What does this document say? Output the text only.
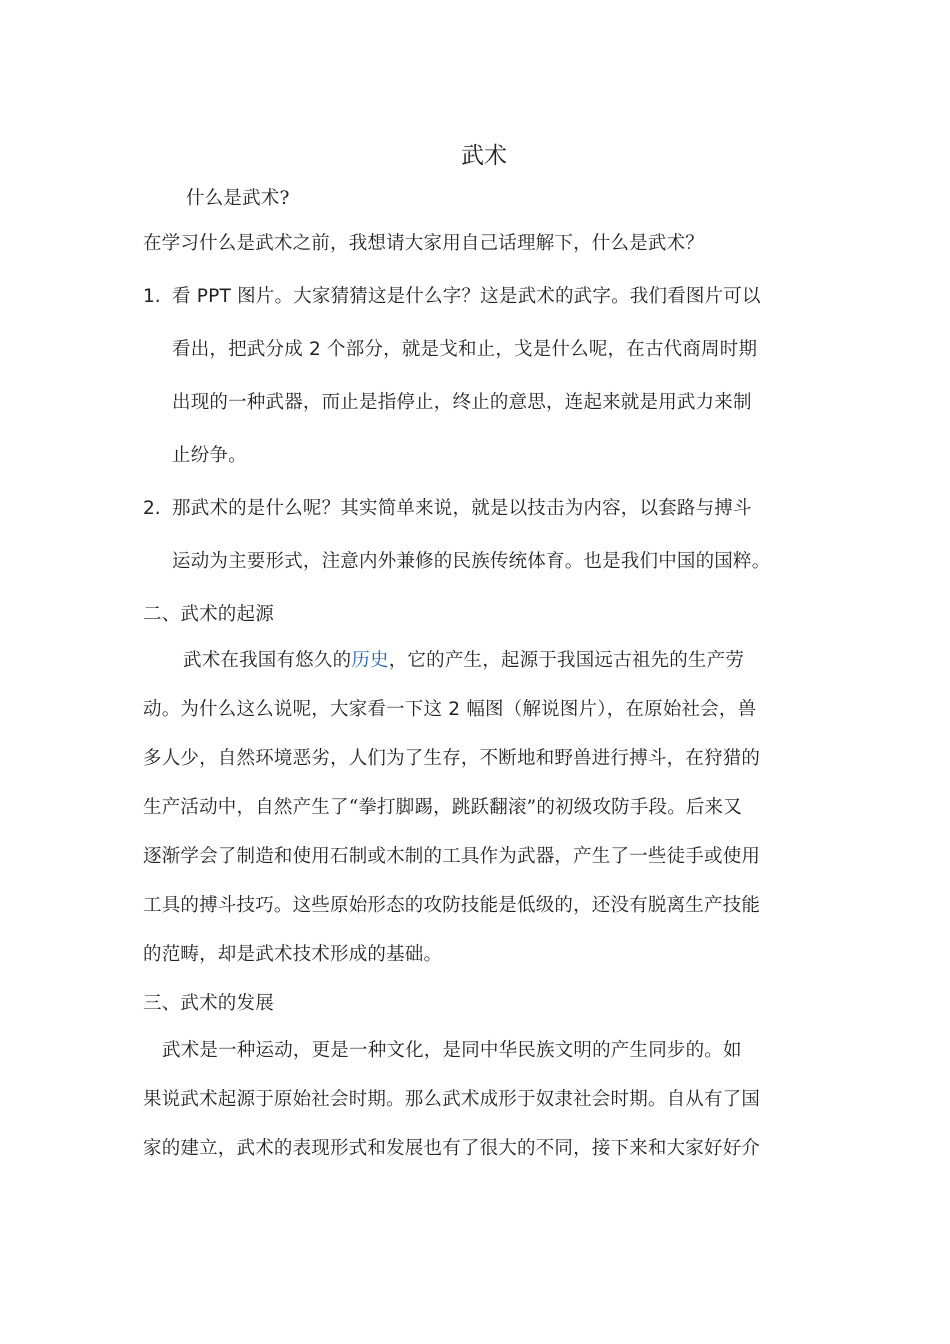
武术
什么是武术?
在学习什么是武术之前，我想请大家用自己话理解下，什么是武术？
1. 看 PPT 图片。大家猜猜这是什么字？这是武术的武字。我们看图片可以
看出，把武分成 2 个部分，就是戈和止，戈是什么呢，在古代商周时期
出现的一种武器，而止是指停止，终止的意思，连起来就是用武力来制
止纷争。
2. 那武术的是什么呢？其实简单来说，就是以技击为内容，以套路与搏斗
运动为主要形式，注意内外兼修的民族传统体育。也是我们中国的国粹。
二、武术的起源
武术在我国有悠久的历史，它的产生，起源于我国远古祖先的生产劳
动。为什么这么说呢，大家看一下这 2 幅图（解说图片），在原始社会，兽
多人少，自然环境恶劣，人们为了生存，不断地和野兽进行搏斗，在狩猎的
生产活动中，自然产生了“拳打脚踢，跳跃翻滚”的初级攻防手段。后来又
逐渐学会了制造和使用石制或木制的工具作为武器，产生了一些徒手或使用
工具的搏斗技巧。这些原始形态的攻防技能是低级的，还没有脱离生产技能
的范畴，却是武术技术形成的基础。
三、武术的发展
武术是一种运动，更是一种文化，是同中华民族文明的产生同步的。如
果说武术起源于原始社会时期。那么武术成形于奴隶社会时期。自从有了国
家的建立，武术的表现形式和发展也有了很大的不同，接下来和大家好好介
